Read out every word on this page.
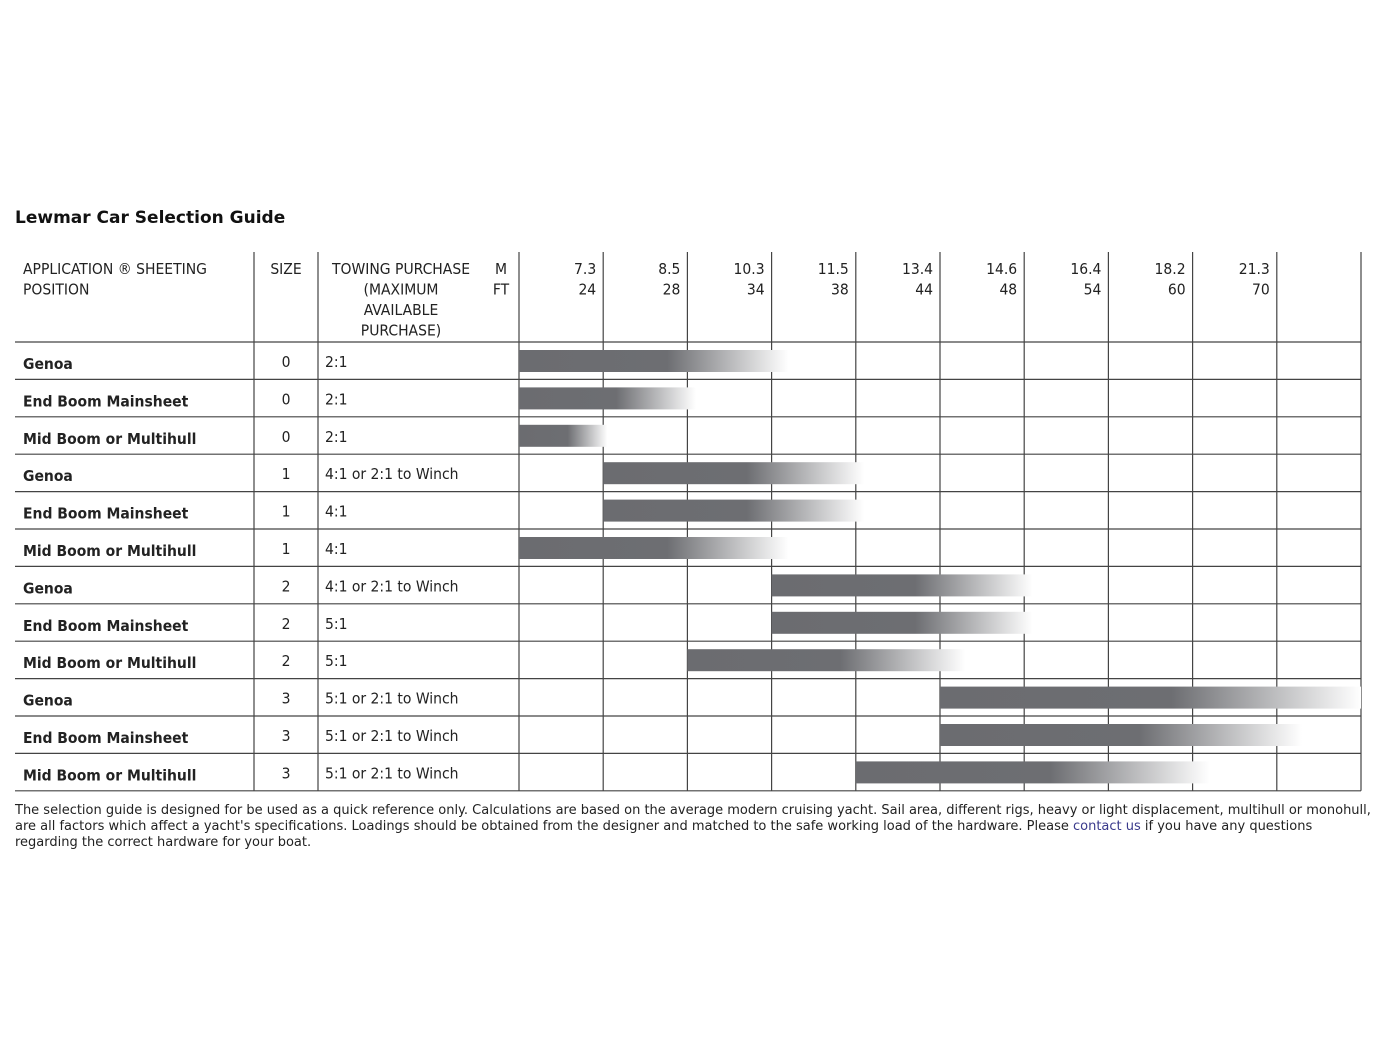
Lewmar Car Selection Guide
APPLICATION ® SHEETING
POSITION
SIZE TOWING PURCHASE
(MAXIMUM
AVAILABLE
PURCHASE)
M
FT
7.3	8.5	10.3	11.5	13.4	14.6	16.4	18.2	21.3
24	28	34	38	44	48	54	60	70
Genoa	0 2:1
End Boom Mainsheet	0 2:1
Mid Boom or Multihull	0 2:1
Genoa	1 4:1 or 2:1 to Winch
End Boom Mainsheet	1 4:1
Mid Boom or Multihull	1 4:1
Genoa	2 4:1 or 2:1 to Winch
End Boom Mainsheet	2 5:1
Mid Boom or Multihull	2 5:1
Genoa	3 5:1 or 2:1 to Winch
End Boom Mainsheet	3 5:1 or 2:1 to Winch
Mid Boom or Multihull	3 5:1 or 2:1 to Winch
The selection guide is designed for be used as a quick reference only. Calculations are based on the average modern cruising yacht. Sail area, different rigs, heavy or light displacement, multihull or monohull, are all factors which affect a yacht's specifications. Loadings should be obtained from the designer and matched to the safe working load of the hardware. Please contact us if you have any questions regarding the correct hardware for your boat.
